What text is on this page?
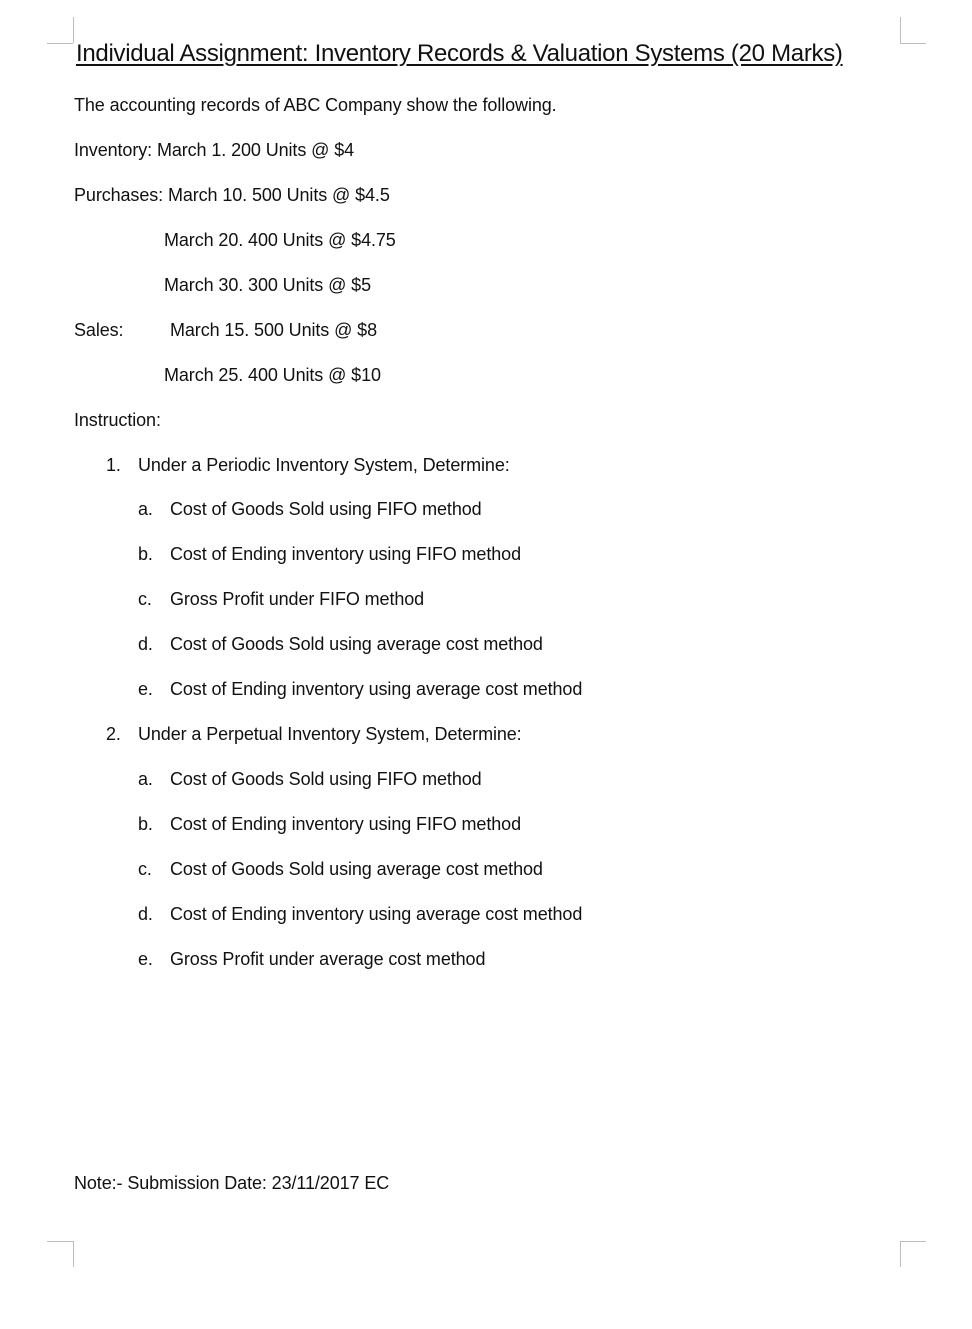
Individual Assignment: Inventory Records & Valuation Systems (20 Marks)
The accounting records of ABC Company show the following.
Inventory: March 1. 200 Units @ $4
Purchases: March 10. 500 Units @ $4.5
March 20. 400 Units @ $4.75
March 30. 300 Units @ $5
Sales:	March 15. 500 Units @ $8
March 25. 400 Units @ $10
Instruction:
1. Under a Periodic Inventory System, Determine:
a. Cost of Goods Sold using FIFO method
b. Cost of Ending inventory using FIFO method
c. Gross Profit under FIFO method
d. Cost of Goods Sold using average cost method
e. Cost of Ending inventory using average cost method
2. Under a Perpetual Inventory System, Determine:
a. Cost of Goods Sold using FIFO method
b. Cost of Ending inventory using FIFO method
c. Cost of Goods Sold using average cost method
d. Cost of Ending inventory using average cost method
e. Gross Profit under average cost method
Note:- Submission Date: 23/11/2017 EC
